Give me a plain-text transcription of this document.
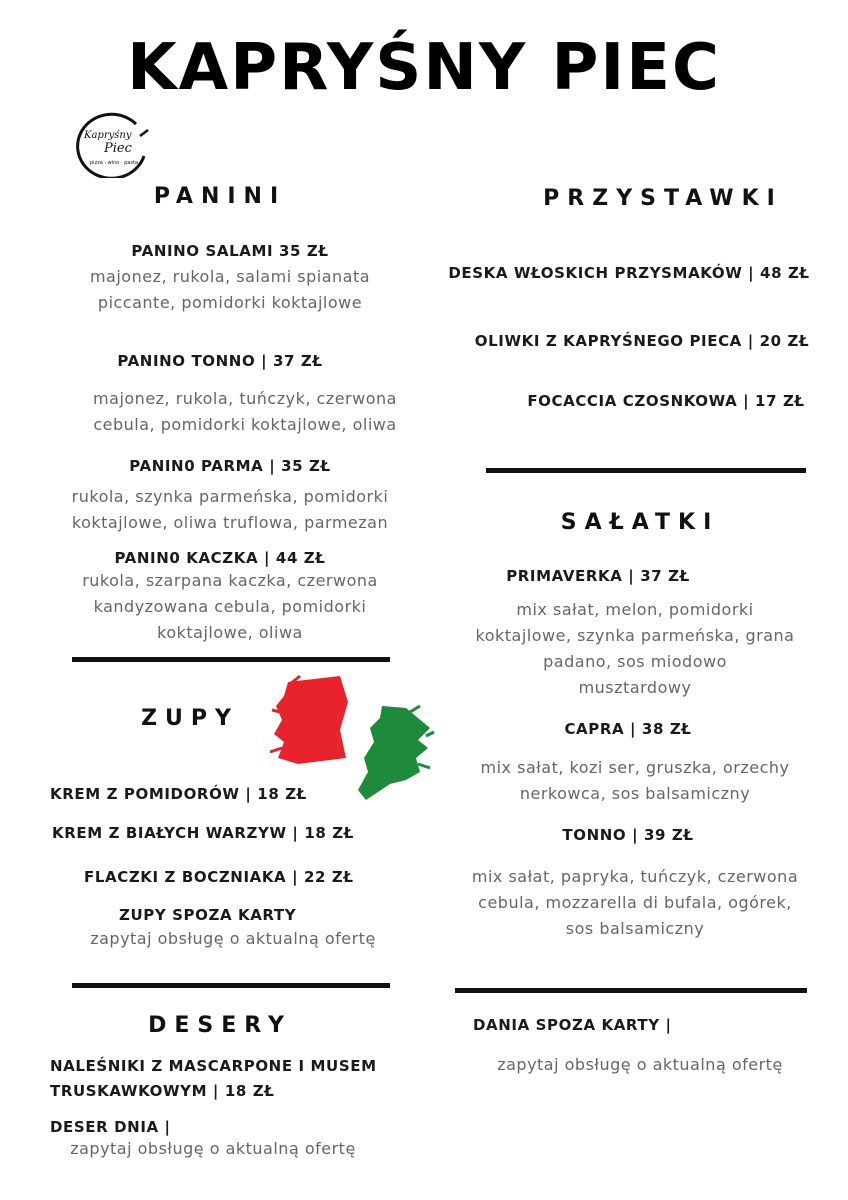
KAPRYŚNY PIEC
Kapryśny
Piec
pizza · wino · pasta
PANINI
PANINO SALAMI 35 ZŁ
majonez, rukola, salami spianata
piccante, pomidorki koktajlowe
PANINO TONNO | 37 ZŁ
majonez, rukola, tuńczyk, czerwona
cebula, pomidorki koktajlowe, oliwa
PANIN0 PARMA | 35 ZŁ
rukola, szynka parmeńska, pomidorki
koktajlowe, oliwa truflowa, parmezan
PANIN0 KACZKA | 44 ZŁ
rukola, szarpana kaczka, czerwona
kandyzowana cebula, pomidorki
koktajlowe, oliwa
ZUPY
KREM Z POMIDORÓW | 18 ZŁ
KREM Z BIAŁYCH WARZYW | 18 ZŁ
FLACZKI Z BOCZNIAKA | 22 ZŁ
ZUPY SPOZA KARTY
zapytaj obsługę o aktualną ofertę
DESERY
NALEŚNIKI Z MASCARPONE I MUSEM
TRUSKAWKOWYM | 18 ZŁ
DESER DNIA |
zapytaj obsługę o aktualną ofertę
PRZYSTAWKI
DESKA WŁOSKICH PRZYSMAKÓW | 48 ZŁ
OLIWKI Z KAPRYŚNEGO PIECA | 20 ZŁ
FOCACCIA CZOSNKOWA | 17 ZŁ
SAŁATKI
PRIMAVERKA | 37 ZŁ
mix sałat, melon, pomidorki
koktajlowe, szynka parmeńska, grana
padano, sos miodowo
musztardowy
CAPRA | 38 ZŁ
mix sałat, kozi ser, gruszka, orzechy
nerkowca, sos balsamiczny
TONNO | 39 ZŁ
mix sałat, papryka, tuńczyk, czerwona
cebula, mozzarella di bufala, ogórek,
sos balsamiczny
DANIA SPOZA KARTY |
zapytaj obsługę o aktualną ofertę
